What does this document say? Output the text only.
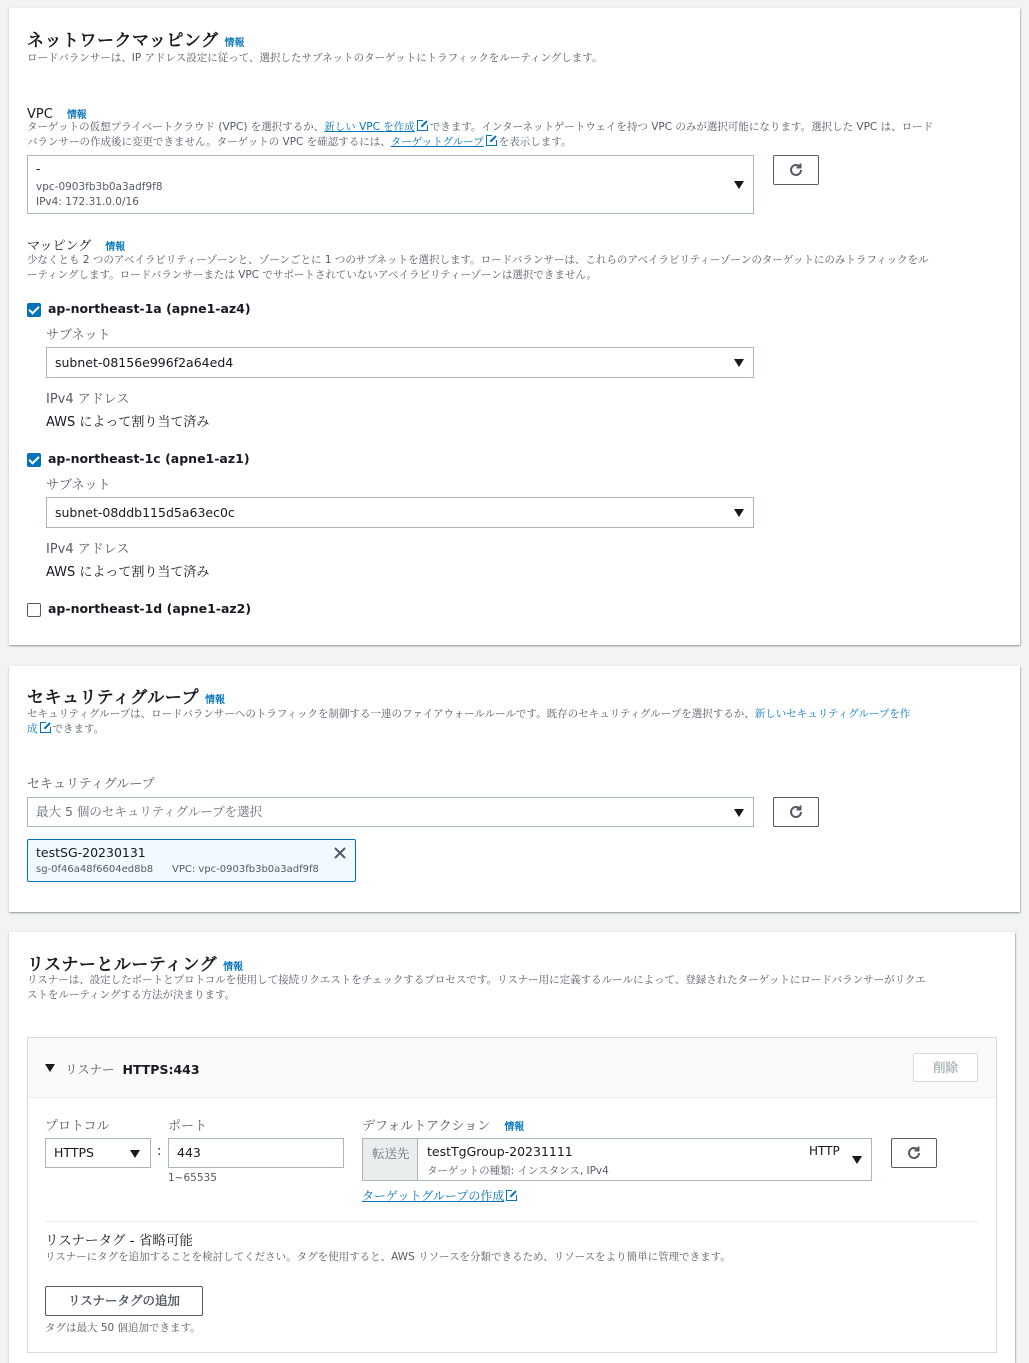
ネットワークマッピング 情報
ロードバランサーは、IP アドレス設定に従って、選択したサブネットのターゲットにトラフィックをルーティングします。
VPC 情報
ターゲットの仮想プライベートクラウド (VPC) を選択するか、新しい VPC を作成 できます。インターネットゲートウェイを持つ VPC のみが選択可能になります。選択した VPC は、ロード
バランサーの作成後に変更できません。ターゲットの VPC を確認するには、ターゲットグループ を表示します。
-
vpc-0903fb3b0a3adf9f8
IPv4: 172.31.0.0/16
マッピング 情報
少なくとも 2 つのアベイラビリティーゾーンと、ゾーンごとに 1 つのサブネットを選択します。ロードバランサーは、これらのアベイラビリティーゾーンのターゲットにのみトラフィックをル
ーティングします。ロードバランサーまたは VPC でサポートされていないアベイラビリティーゾーンは選択できません。
ap-northeast-1a (apne1-az4)
サブネット
subnet-08156e996f2a64ed4
IPv4 アドレス
AWS によって割り当て済み
ap-northeast-1c (apne1-az1)
サブネット
subnet-08ddb115d5a63ec0c
IPv4 アドレス
AWS によって割り当て済み
ap-northeast-1d (apne1-az2)
セキュリティグループ 情報
セキュリティグループは、ロードバランサーへのトラフィックを制御する一連のファイアウォールルールです。既存のセキュリティグループを選択するか、新しいセキュリティグループを作
成 できます。
セキュリティグループ
最大 5 個のセキュリティグループを選択
testSG-20230131
sg-0f46a48f6604ed8b8 VPC: vpc-0903fb3b0a3adf9f8
リスナーとルーティング 情報
リスナーは、設定したポートとプロトコルを使用して接続リクエストをチェックするプロセスです。リスナー用に定義するルールによって、登録されたターゲットにロードバランサーがリクエ
ストをルーティングする方法が決まります。
リスナー HTTPS:443	削除
プロトコル	ポート
HTTPS	:	443
1~65535
デフォルトアクション 情報
転送先	testTgGroup-20231111	HTTP
ターゲットの種類: インスタンス, IPv4
ターゲットグループの作成
リスナータグ - 省略可能
リスナーにタグを追加することを検討してください。タグを使用すると、AWS リソースを分類できるため、リソースをより簡単に管理できます。
リスナータグの追加
タグは最大 50 個追加できます。
